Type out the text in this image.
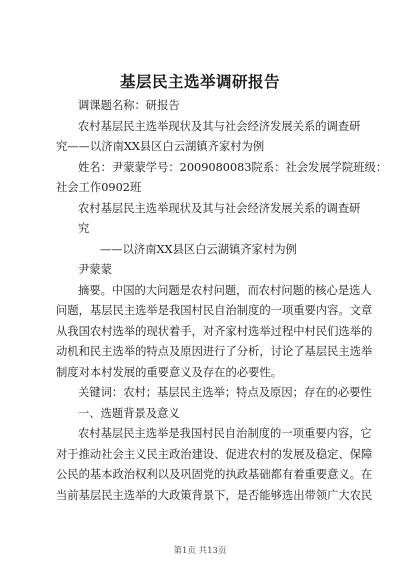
基层民主选举调研报告
调课题名称：研报告
农村基层民主选举现状及其与社会经济发展关系的调查研
究——以济南XX县区白云湖镇齐家村为例
姓名：尹蒙蒙学号：2009080083院系：社会发展学院班级：
社会工作0902班
农村基层民主选举现状及其与社会经济发展关系的调查研
究
——以济南XX县区白云湖镇齐家村为例
尹蒙蒙
摘要。中国的大问题是农村问题，而农村问题的核心是选人
问题，基层民主选举是我国村民自治制度的一项重要内容。文章
从我国农村选举的现状着手，对齐家村选举过程中村民们选举的
动机和民主选举的特点及原因进行了分析，讨论了基层民主选举
制度对本村发展的重要意义及存在的必要性。
关键词：农村；基层民主选举；特点及原因；存在的必要性
一、选题背景及意义
农村基层民主选举是我国村民自治制度的一项重要内容，它
对于推动社会主义民主政治建设、促进农村的发展及稳定、保障
公民的基本政治权利以及巩固党的执政基础都有着重要意义。在
当前基层民主选举的大政策背景下，是否能够选出带领广大农民
第1页 共13页
